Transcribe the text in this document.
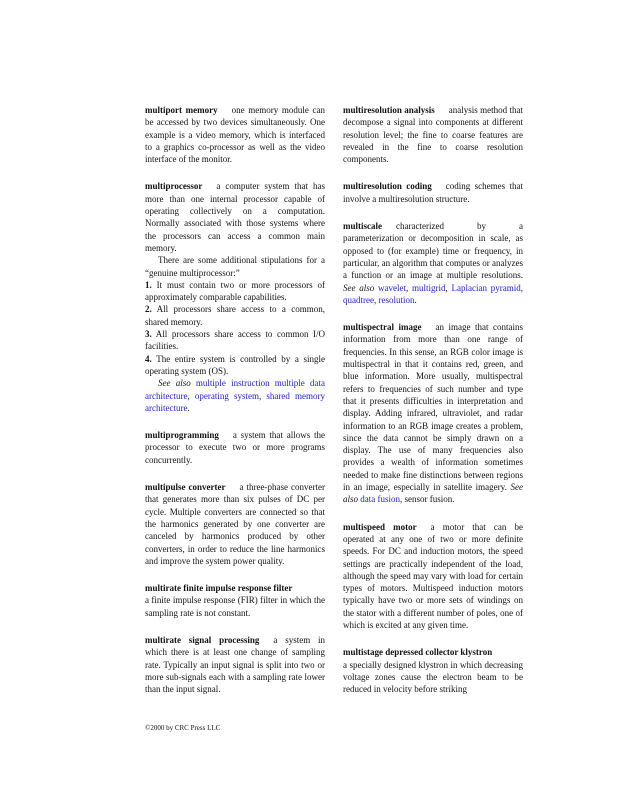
multiport memory one memory module can be accessed by two devices simultaneously. One example is a video memory, which is interfaced to a graphics co-processor as well as the video interface of the monitor.

multiprocessor a computer system that has more than one internal processor capable of operating collectively on a computation. Normally associated with those systems where the processors can access a common main memory.

There are some additional stipulations for a “genuine multiprocessor:”

1. It must contain two or more processors of approximately comparable capabilities.

2. All processors share access to a common, shared memory.

3. All processors share access to common I/O facilities.

4. The entire system is controlled by a single operating system (OS).

See also multiple instruction multiple data architecture, operating system, shared memory architecture.

multiprogramming a system that allows the processor to execute two or more programs concurrently.
multipulse converter a three-phase converter that generates more than six pulses of DC per cycle. Multiple converters are connected so that the harmonics generated by one converter are canceled by harmonics produced by other converters, in order to reduce the line harmonics and improve the system power quality.
multirate finite impulse response filter
a finite impulse response (FIR) filter in which the sampling rate is not constant.
multirate signal processing a system in which there is at least one change of sampling rate. Typically an input signal is split into two or more sub-signals each with a sampling rate lower than the input signal.
multiresolution analysis analysis method that decompose a signal into components at different resolution level; the fine to coarse features are revealed in the fine to coarse resolution components.
multiresolution coding coding schemes that involve a multiresolution structure.
multiscale characterized by a parameterization or decomposition in scale, as opposed to (for example) time or frequency, in particular, an algorithm that computes or analyzes a function or an image at multiple resolutions. See also wavelet, multigrid, Laplacian pyramid, quadtree, resolution.
multispectral image an image that contains information from more than one range of frequencies. In this sense, an RGB color image is multispectral in that it contains red, green, and blue information. More usually, multispectral refers to frequencies of such number and type that it presents difficulties in interpretation and display. Adding infrared, ultraviolet, and radar information to an RGB image creates a problem, since the data cannot be simply drawn on a display. The use of many frequencies also provides a wealth of information sometimes needed to make fine distinctions between regions in an image, especially in satellite imagery. See also data fusion, sensor fusion.
multispeed motor a motor that can be operated at any one of two or more definite speeds. For DC and induction motors, the speed settings are practically independent of the load, although the speed may vary with load for certain types of motors. Multispeed induction motors typically have two or more sets of windings on the stator with a different number of poles, one of which is excited at any given time.
multistage depressed collector klystron
a specially designed klystron in which decreasing voltage zones cause the electron beam to be reduced in velocity before striking
©2000 by CRC Press LLC
